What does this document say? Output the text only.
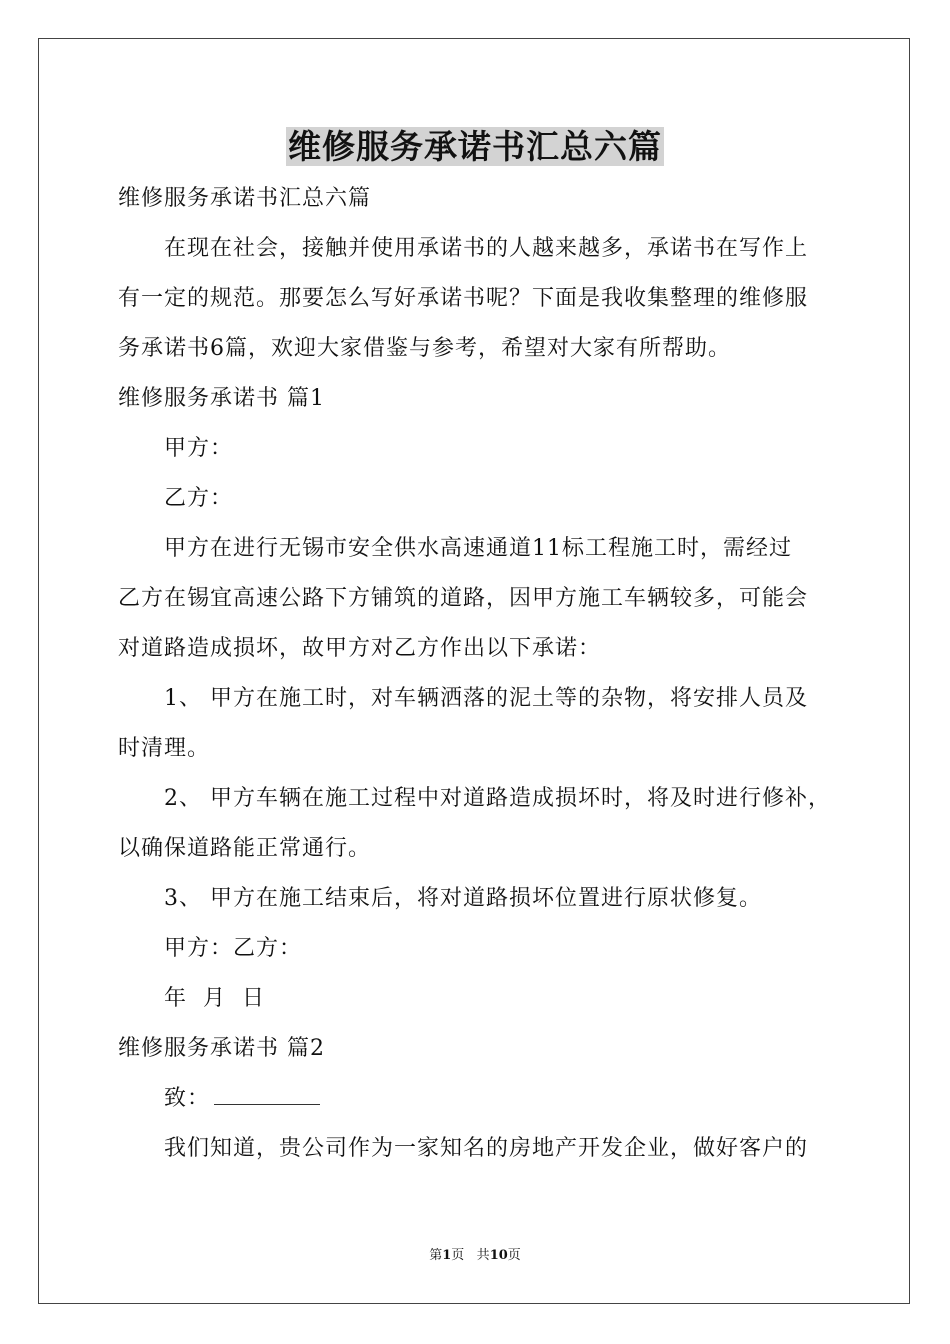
维修服务承诺书汇总六篇
维修服务承诺书汇总六篇
在现在社会，接触并使用承诺书的人越来越多，承诺书在写作上
有一定的规范。那要怎么写好承诺书呢？下面是我收集整理的维修服
务承诺书6篇，欢迎大家借鉴与参考，希望对大家有所帮助。
维修服务承诺书 篇1
甲方：
乙方：
甲方在进行无锡市安全供水高速通道11标工程施工时，需经过
乙方在锡宜高速公路下方铺筑的道路，因甲方施工车辆较多，可能会
对道路造成损坏，故甲方对乙方作出以下承诺：
1、 甲方在施工时，对车辆洒落的泥土等的杂物，将安排人员及
时清理。
2、 甲方车辆在施工过程中对道路造成损坏时，将及时进行修补，
以确保道路能正常通行。
3、 甲方在施工结束后，将对道路损坏位置进行原状修复。
甲方：乙方：
年  月  日
维修服务承诺书 篇2
致：
我们知道，贵公司作为一家知名的房地产开发企业，做好客户的
第1页 共10页
